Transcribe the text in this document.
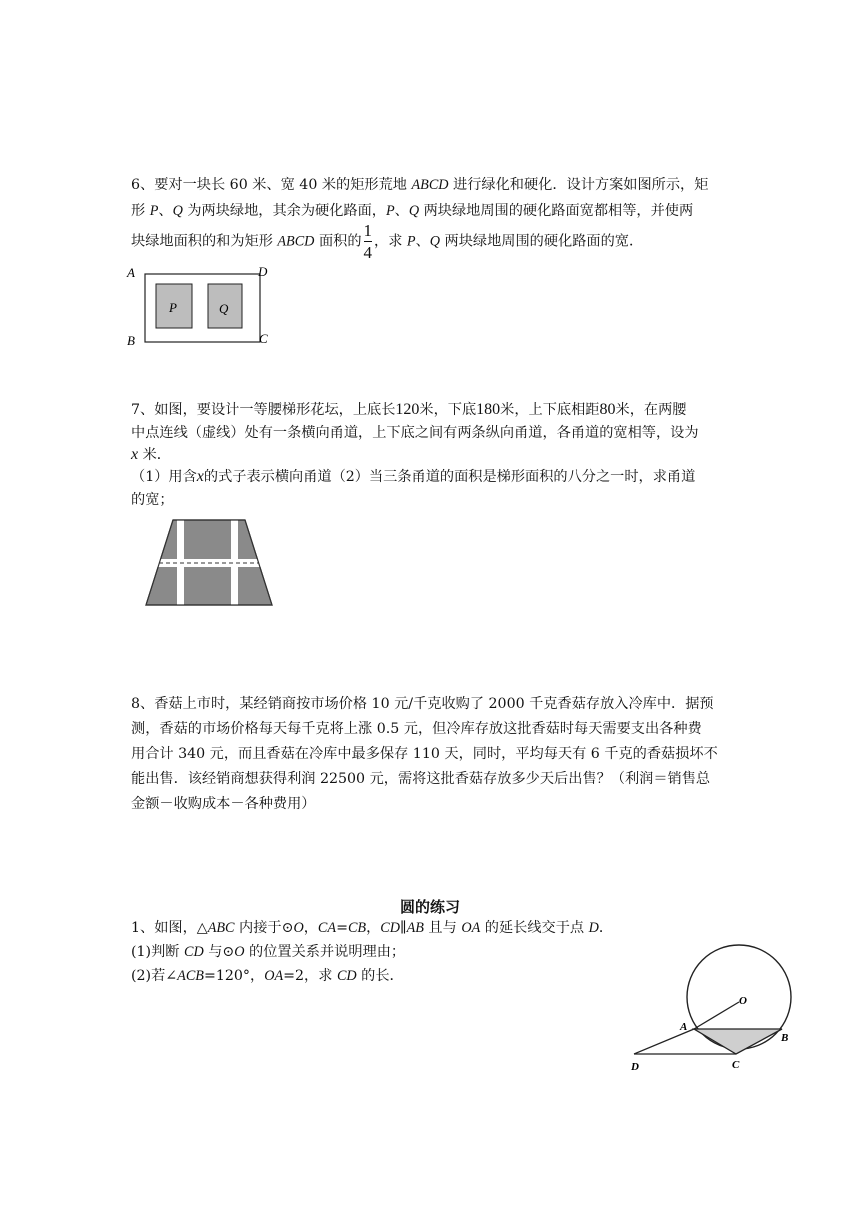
6、要对一块长 60 米、宽 40 米的矩形荒地 ABCD 进行绿化和硬化．设计方案如图所示，矩
形 P、Q 为两块绿地，其余为硬化路面，P、Q 两块绿地周围的硬化路面宽都相等，并使两
块绿地面积的和为矩形 ABCD 面积的 $\frac{1}{4}$ ，求 P、Q 两块绿地周围的硬化路面的宽．
A	D
B	C
P	Q
7、如图，要设计一等腰梯形花坛，上底长120米，下底180米，上下底相距80米，在两腰
中点连线（虚线）处有一条横向甬道，上下底之间有两条纵向甬道，各甬道的宽相等，设为
x 米．
（1）用含x的式子表示横向甬道（2）当三条甬道的面积是梯形面积的八分之一时，求甬道
的宽；
8、香菇上市时，某经销商按市场价格 10 元/千克收购了 2000 千克香菇存放入冷库中．据预
测，香菇的市场价格每天每千克将上涨 0.5 元，但冷库存放这批香菇时每天需要支出各种费
用合计 340 元，而且香菇在冷库中最多保存 110 天，同时，平均每天有 6 千克的香菇损坏不
能出售．该经销商想获得利润 22500 元，需将这批香菇存放多少天后出售？（利润＝销售总
金额－收购成本－各种费用）
圆的练习
1、如图，△ABC 内接于⊙O，CA=CB，CD∥AB 且与 OA 的延长线交于点 D．
(1)判断 CD 与⊙O 的位置关系并说明理由；
(2)若∠ACB=120°，OA=2，求 CD 的长．
O
A
B
C
D
